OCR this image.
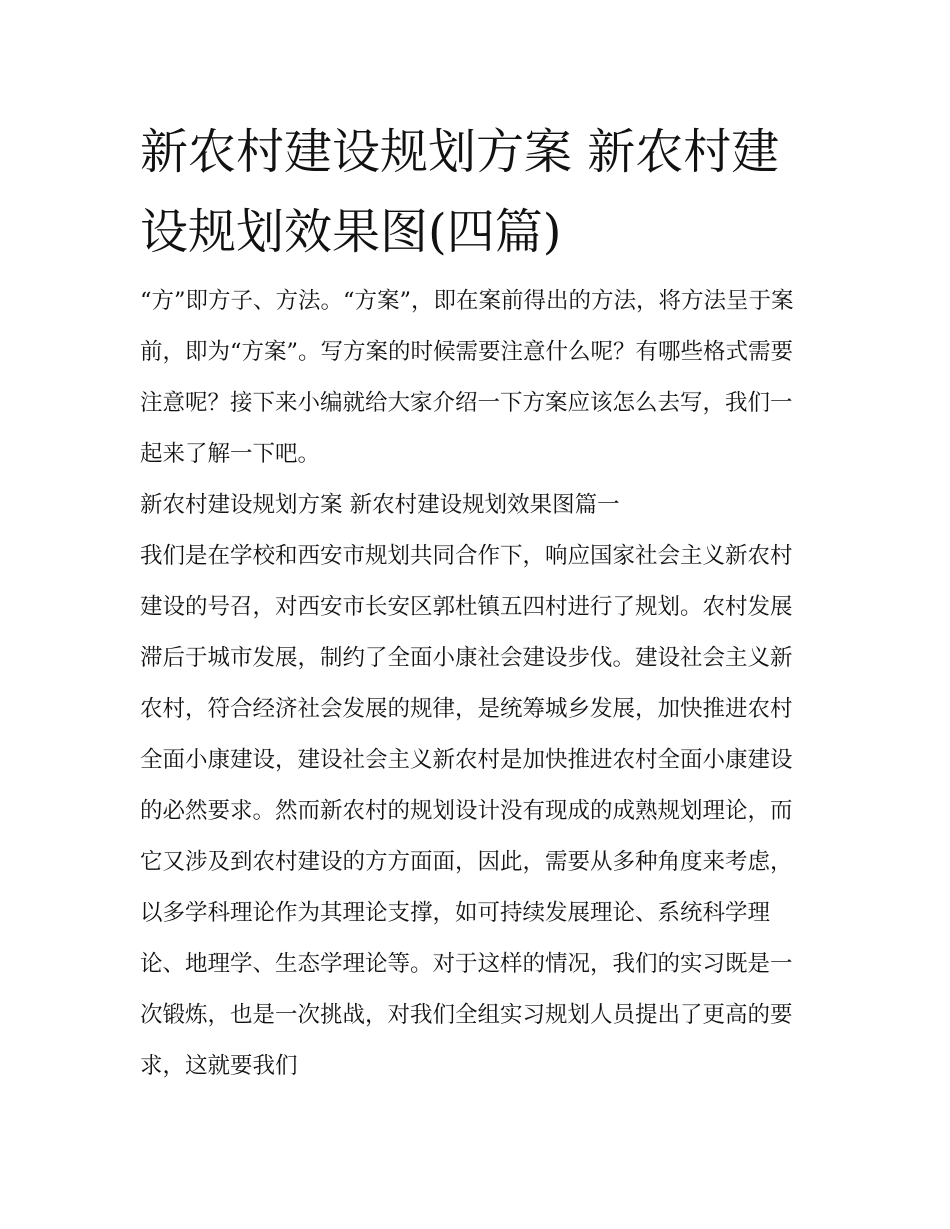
新农村建设规划方案 新农村建设规划效果图(四篇)

“方”即方子、方法。“方案”，即在案前得出的方法，将方法呈于案前，即为“方案”。写方案的时候需要注意什么呢？有哪些格式需要注意呢？接下来小编就给大家介绍一下方案应该怎么去写，我们一起来了解一下吧。

新农村建设规划方案 新农村建设规划效果图篇一

我们是在学校和西安市规划共同合作下，响应国家社会主义新农村建设的号召，对西安市长安区郭杜镇五四村进行了规划。农村发展滞后于城市发展，制约了全面小康社会建设步伐。建设社会主义新农村，符合经济社会发展的规律，是统筹城乡发展，加快推进农村全面小康建设，建设社会主义新农村是加快推进农村全面小康建设的必然要求。然而新农村的规划设计没有现成的成熟规划理论，而它又涉及到农村建设的方方面面，因此，需要从多种角度来考虑，以多学科理论作为其理论支撑，如可持续发展理论、系统科学理论、地理学、生态学理论等。对于这样的情况，我们的实习既是一次锻炼，也是一次挑战，对我们全组实习规划人员提出了更高的要求，这就要我们
